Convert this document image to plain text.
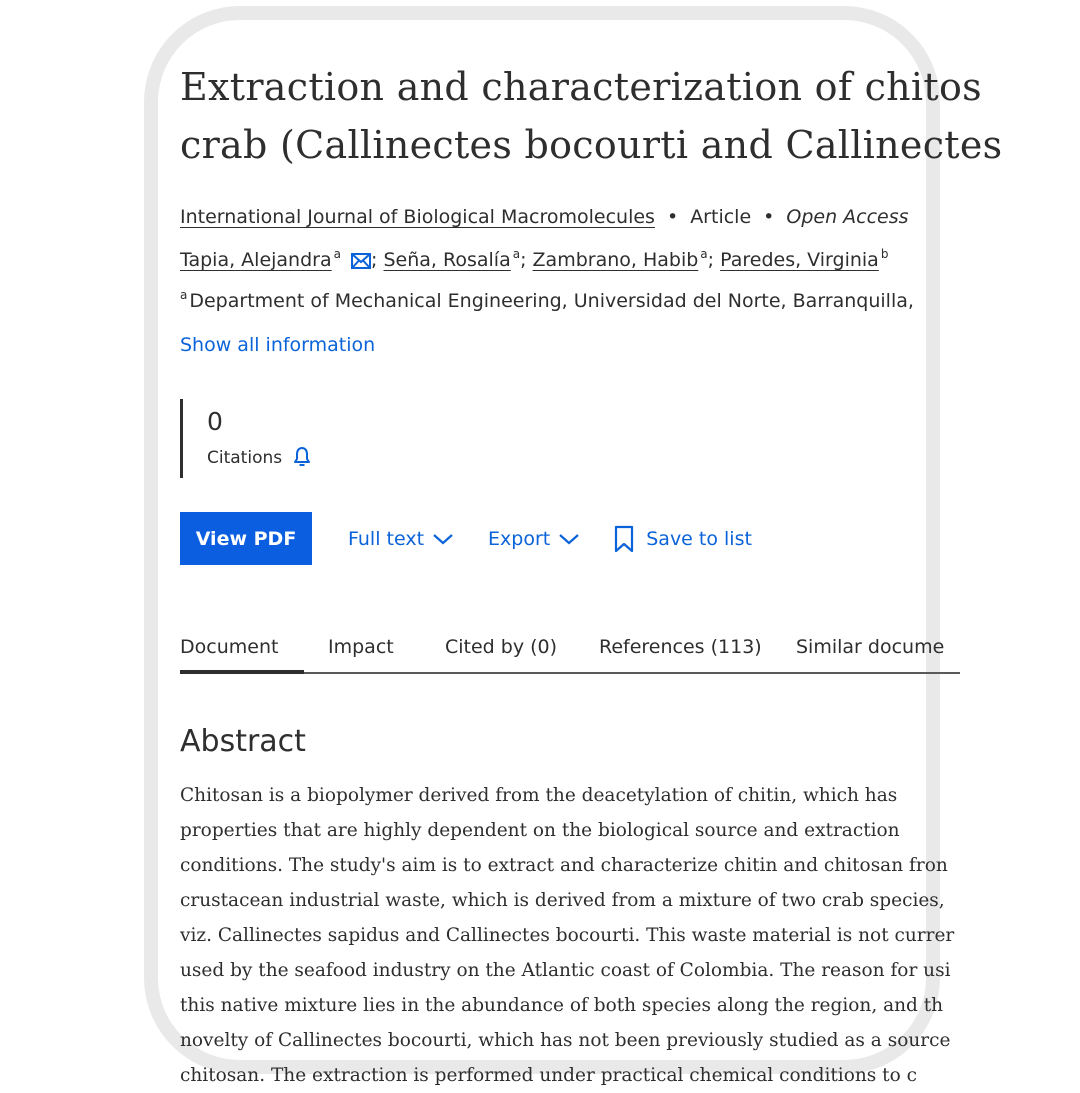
Extraction and characterization of chitos
crab (Callinectes bocourti and Callinectes
International Journal of Biological Macromolecules • Article • Open Access
Tapia, Alejandra $^a$ ; Seña, Rosalía $^a$; Zambrano, Habib $^a$; Paredes, Virginia $^b$
$^a$ Department of Mechanical Engineering, Universidad del Norte, Barranquilla,
Show all information
0
Citations
View PDF	Full text	Export	Save to list
Document	Impact	Cited by (0) References (113) Similar docume
Abstract
Chitosan is a biopolymer derived from the deacetylation of chitin, which has
properties that are highly dependent on the biological source and extraction
conditions. The study's aim is to extract and characterize chitin and chitosan fron
crustacean industrial waste, which is derived from a mixture of two crab species,
viz. Callinectes sapidus and Callinectes bocourti. This waste material is not currer
used by the seafood industry on the Atlantic coast of Colombia. The reason for usi
this native mixture lies in the abundance of both species along the region, and th
novelty of Callinectes bocourti, which has not been previously studied as a source
chitosan. The extraction is performed under practical chemical conditions to c
